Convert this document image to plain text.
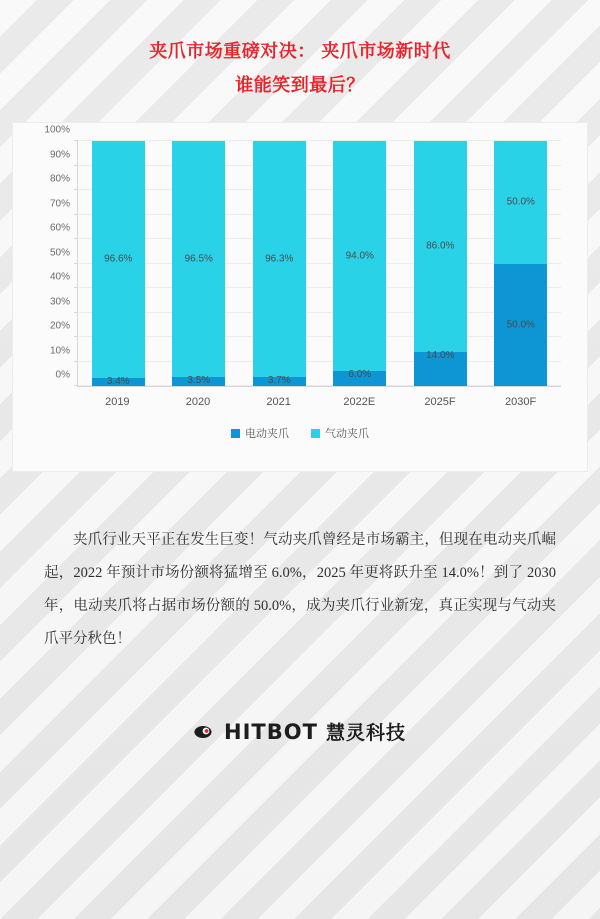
夹爪市场重磅对决： 夹爪市场新时代
谁能笑到最后？
0%
10%
20%
30%
40%
50%
60%
70%
80%
90%
100%
96.6%
3.4%
96.5%
3.5%
96.3%
3.7%
94.0%
6.0%
86.0%
14.0%
50.0%
50.0%
2019	2020	2021	2022E	2025F	2030F
电动夹爪	气动夹爪
夹爪行业天平正在发生巨变！气动夹爪曾经是市场霸主，但现在电动夹爪崛起，2022 年预计市场份额将猛增至 6.0%，2025 年更将跃升至 14.0%！到了 2030 年，电动夹爪将占据市场份额的 50.0%，成为夹爪行业新宠，真正实现与气动夹爪平分秋色！
HITBOT 慧灵科技
